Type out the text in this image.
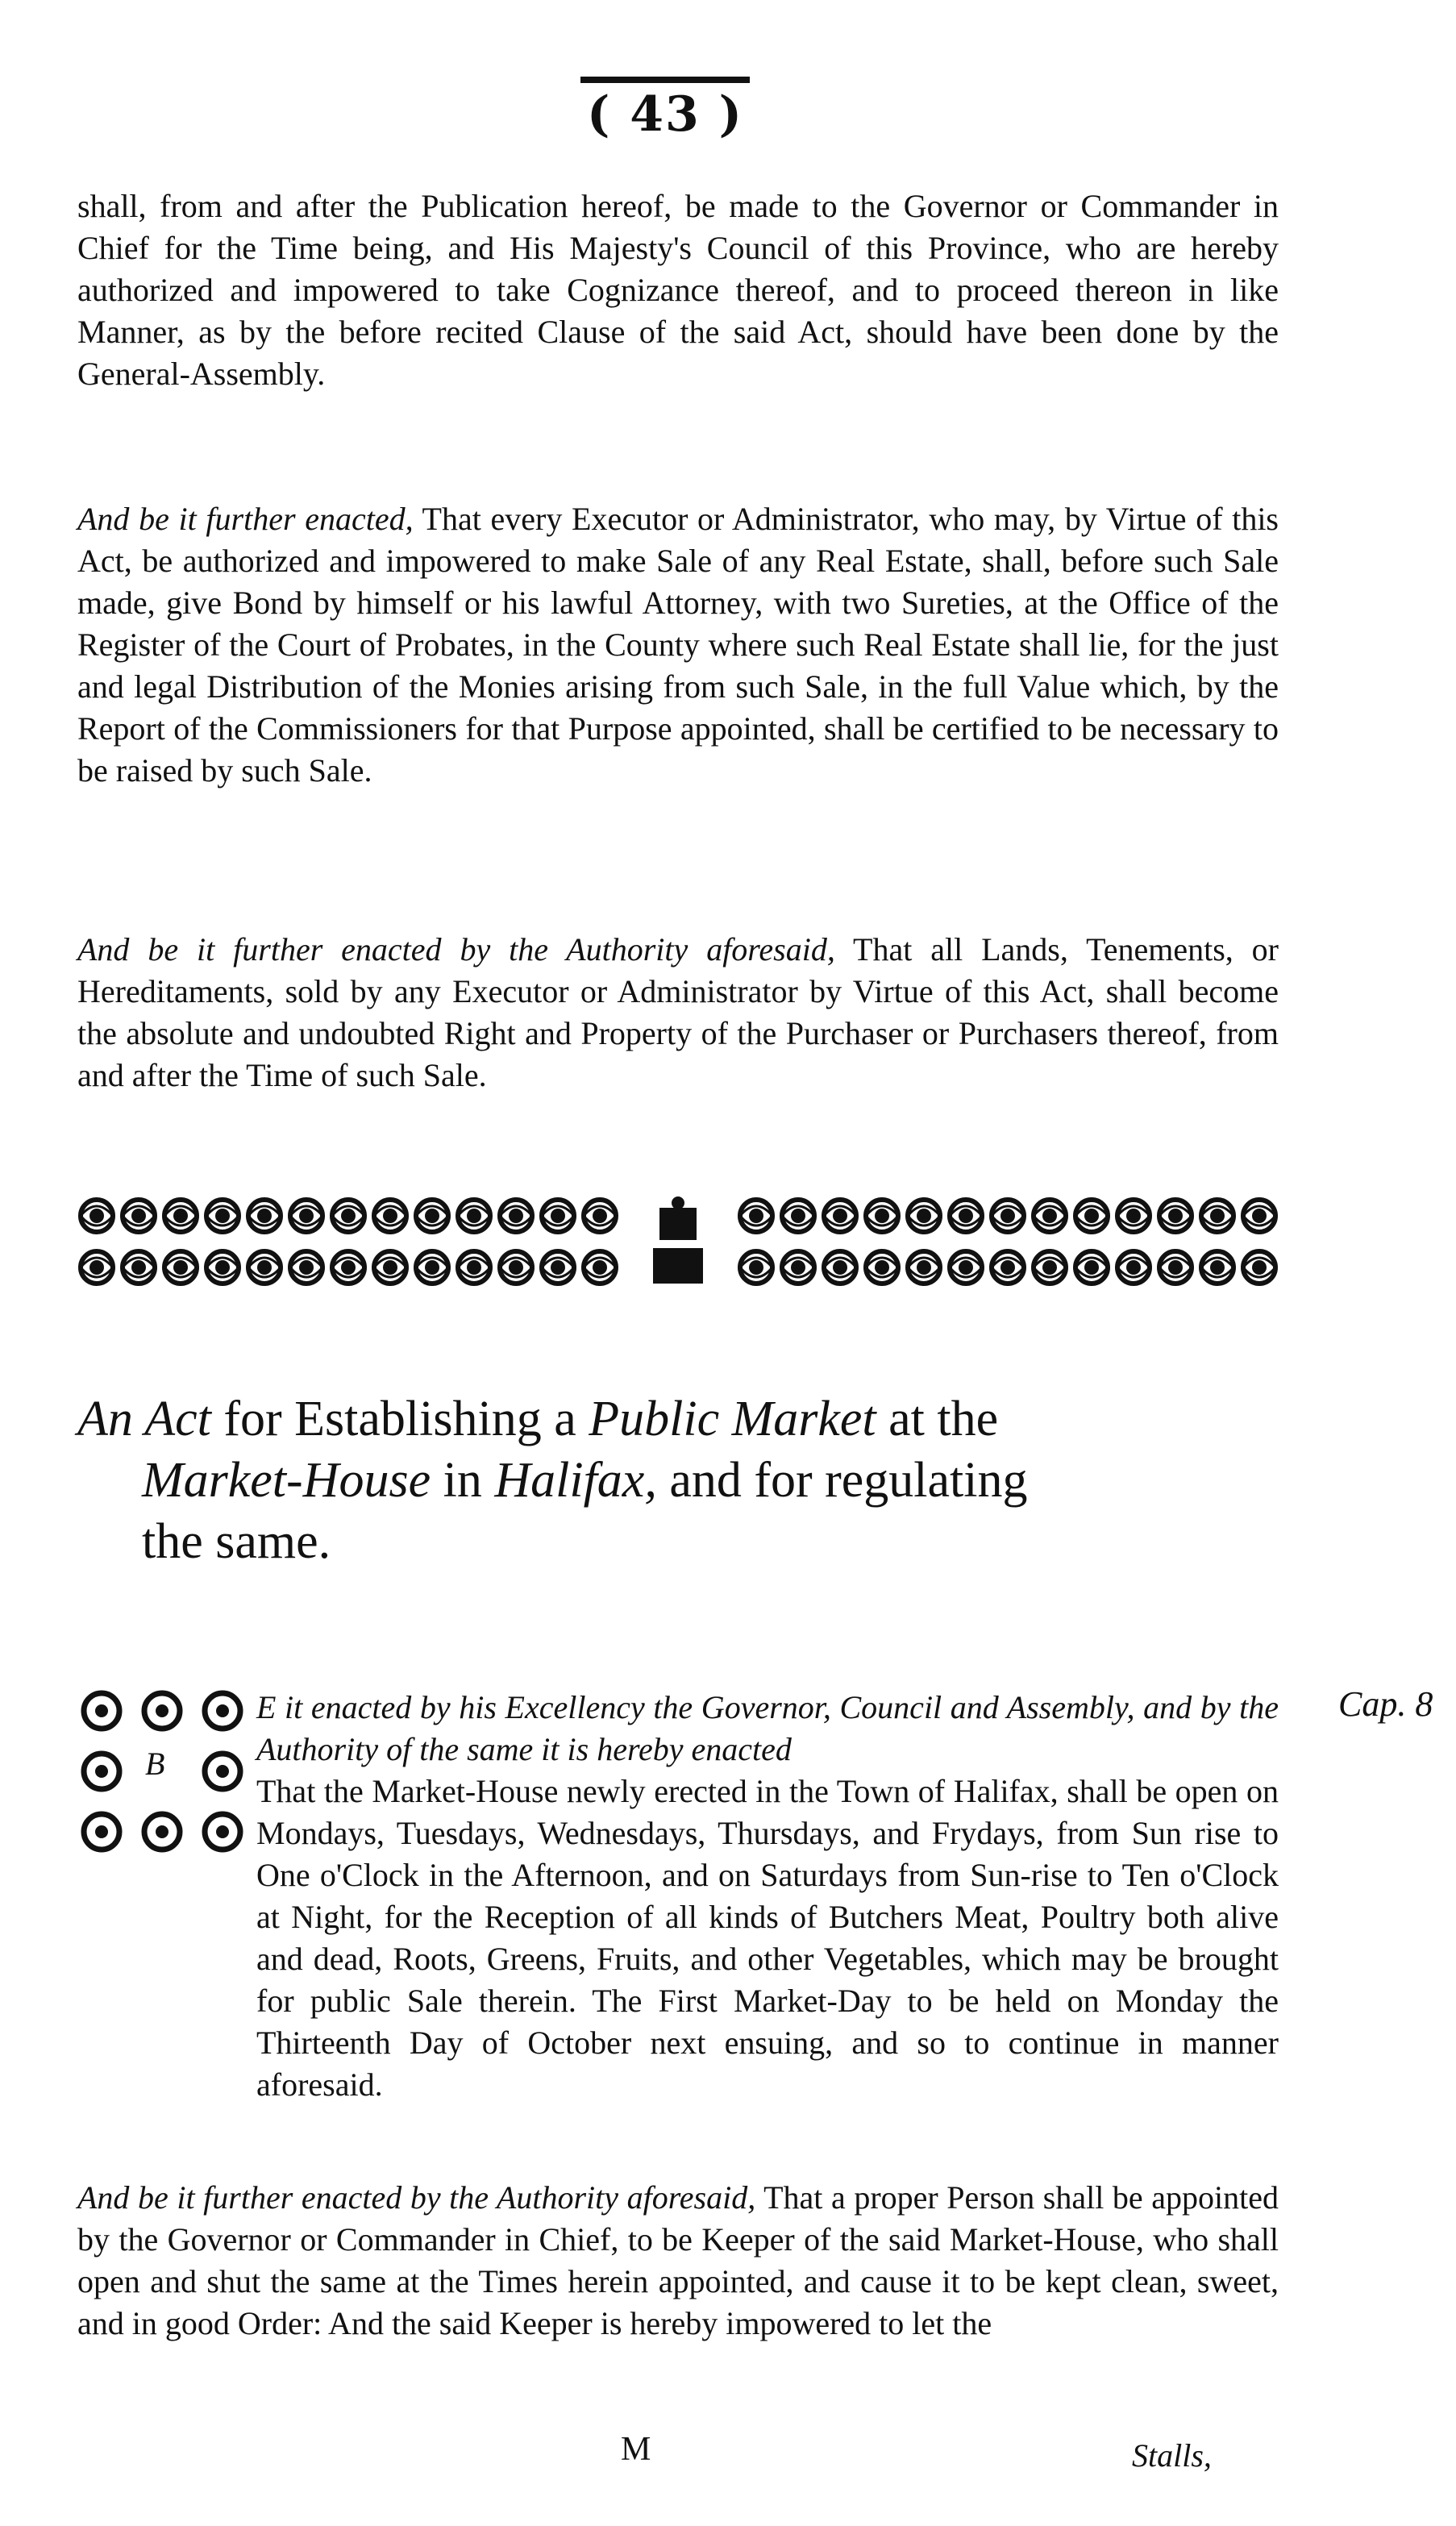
( 43 )
shall, from and after the Publication hereof, be made to the Governor or Commander in Chief for the Time being, and His Majesty's Council of this Province, who are hereby authorized and impowered to take Cognizance thereof, and to proceed thereon in like Manner, as by the before recited Clause of the said Act, should have been done by the General-Assembly.
And be it further enacted, That every Executor or Administrator, who may, by Virtue of this Act, be authorized and impowered to make Sale of any Real Estate, shall, before such Sale made, give Bond by himself or his lawful Attorney, with two Sureties, at the Office of the Register of the Court of Probates, in the County where such Real Estate shall lie, for the just and legal Distribution of the Monies arising from such Sale, in the full Value which, by the Report of the Commissioners for that Purpose appointed, shall be certified to be necessary to be raised by such Sale.
And be it further enacted by the Authority aforesaid, That all Lands, Tenements, or Hereditaments, sold by any Executor or Administrator by Virtue of this Act, shall become the absolute and undoubted Right and Property of the Purchaser or Purchasers thereof, from and after the Time of such Sale.
An Act for Establishing a Public Market at the
Market-House in Halifax, and for regulating
the same.
Cap. 8
B
E it enacted by his Excellency the Governor, Council and Assembly, and by the Authority of the same it is hereby enacted
That the Market-House newly erected in the Town of Halifax, shall be open on Mondays, Tuesdays, Wednesdays, Thursdays, and Frydays, from Sun rise to One o'Clock in the Afternoon, and on Saturdays from Sun-rise to Ten o'Clock at Night, for the Reception of all kinds of Butchers Meat, Poultry both alive and dead, Roots, Greens, Fruits, and other Vegetables, which may be brought for public Sale therein. The First Market-Day to be held on Monday the Thirteenth Day of October next ensuing, and so to continue in manner aforesaid.
And be it further enacted by the Authority aforesaid, That a proper Person shall be appointed by the Governor or Commander in Chief, to be Keeper of the said Market-House, who shall open and shut the same at the Times herein appointed, and cause it to be kept clean, sweet, and in good Order: And the said Keeper is hereby impowered to let the
M	Stalls,
